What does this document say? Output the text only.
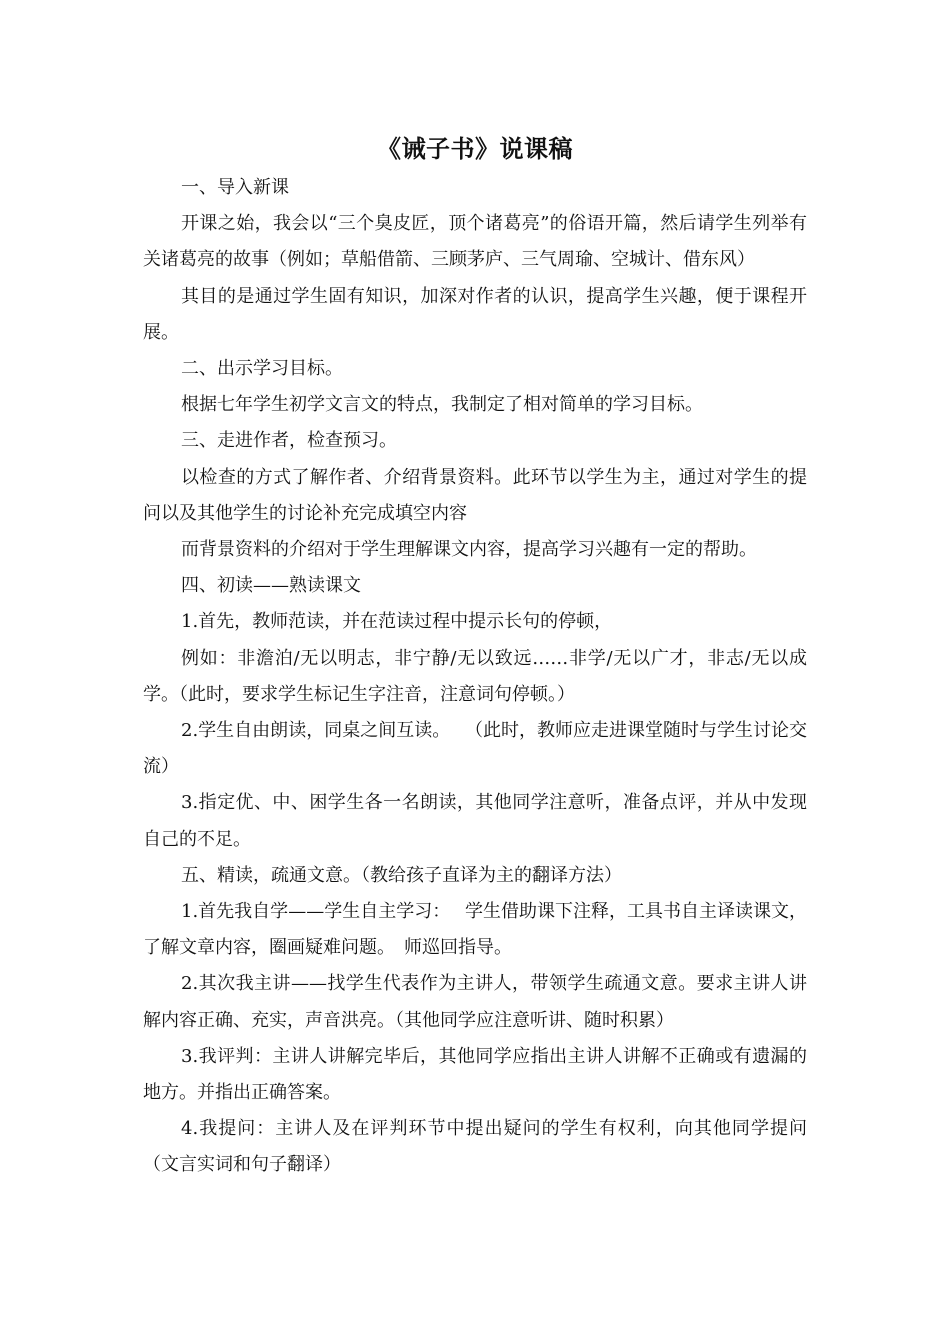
《诫子书》说课稿

一、导入新课

开课之始，我会以“三个臭皮匠，顶个诸葛亮”的俗语开篇，然后请学生列举有关诸葛亮的故事（例如；草船借箭、三顾茅庐、三气周瑜、空城计、借东风）

其目的是通过学生固有知识，加深对作者的认识，提高学生兴趣，便于课程开展。

二、出示学习目标。

根据七年学生初学文言文的特点，我制定了相对简单的学习目标。

三、走进作者，检查预习。

以检查的方式了解作者、介绍背景资料。此环节以学生为主，通过对学生的提问以及其他学生的讨论补充完成填空内容

而背景资料的介绍对于学生理解课文内容，提高学习兴趣有一定的帮助。

四、初读——熟读课文

1.首先，教师范读，并在范读过程中提示长句的停顿，

例如：非澹泊/无以明志，非宁静/无以致远……非学/无以广才，非志/无以成学。（此时，要求学生标记生字注音，注意词句停顿。）

2.学生自由朗读，同桌之间互读。　 （此时，教师应走进课堂随时与学生讨论交流）

3.指定优、中、困学生各一名朗读，其他同学注意听，准备点评，并从中发现自己的不足。

五、精读，疏通文意。（教给孩子直译为主的翻译方法）

1.首先我自学——学生自主学习：　 学生借助课下注释，工具书自主译读课文，了解文章内容，圈画疑难问题。　师巡回指导。

2.其次我主讲——找学生代表作为主讲人，带领学生疏通文意。要求主讲人讲解内容正确、充实，声音洪亮。（其他同学应注意听讲、随时积累）

3.我评判：主讲人讲解完毕后，其他同学应指出主讲人讲解不正确或有遗漏的地方。并指出正确答案。

4.我提问：主讲人及在评判环节中提出疑问的学生有权利，向其他同学提问（文言实词和句子翻译）
